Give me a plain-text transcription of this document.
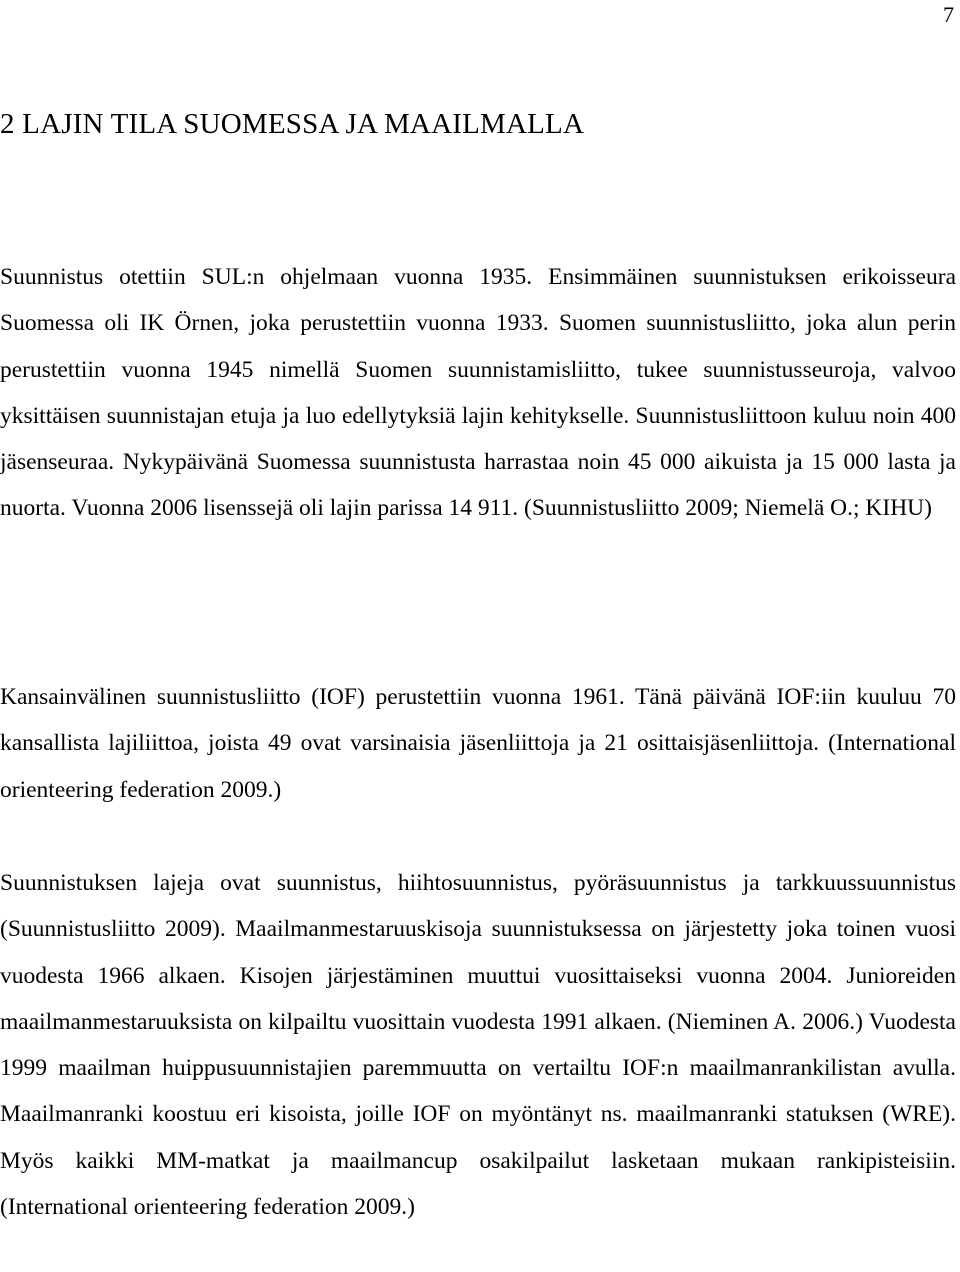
7
2 LAJIN TILA SUOMESSA JA MAAILMALLA

Suunnistus otettiin SUL:n ohjelmaan vuonna 1935. Ensimmäinen suunnistuksen erikoisseura Suomessa oli IK Örnen, joka perustettiin vuonna 1933. Suomen suunnistusliitto, joka alun perin perustettiin vuonna 1945 nimellä Suomen suunnistamisliitto, tukee suunnistusseuroja, valvoo yksittäisen suunnistajan etuja ja luo edellytyksiä lajin kehitykselle. Suunnistusliittoon kuluu noin 400 jäsenseuraa. Nykypäivänä Suomessa suunnistusta harrastaa noin 45 000 aikuista ja 15 000 lasta ja nuorta. Vuonna 2006 lisenssejä oli lajin parissa 14 911. (Suunnistusliitto 2009; Niemelä O.; KIHU)

Kansainvälinen suunnistusliitto (IOF) perustettiin vuonna 1961. Tänä päivänä IOF:iin kuuluu 70 kansallista lajiliittoa, joista 49 ovat varsinaisia jäsenliittoja ja 21 osittaisjäsenliittoja. (International orienteering federation 2009.)

Suunnistuksen lajeja ovat suunnistus, hiihtosuunnistus, pyöräsuunnistus ja tarkkuussuunnistus (Suunnistusliitto 2009). Maailmanmestaruuskisoja suunnistuksessa on järjestetty joka toinen vuosi vuodesta 1966 alkaen. Kisojen järjestäminen muuttui vuosittaiseksi vuonna 2004. Junioreiden maailmanmestaruuksista on kilpailtu vuosittain vuodesta 1991 alkaen. (Nieminen A. 2006.) Vuodesta 1999 maailman huippusuunnistajien paremmuutta on vertailtu IOF:n maailmanrankilistan avulla. Maailmanranki koostuu eri kisoista, joille IOF on myöntänyt ns. maailmanranki statuksen (WRE). Myös kaikki MM-matkat ja maailmancup osakilpailut lasketaan mukaan rankipisteisiin. (International orienteering federation 2009.)
